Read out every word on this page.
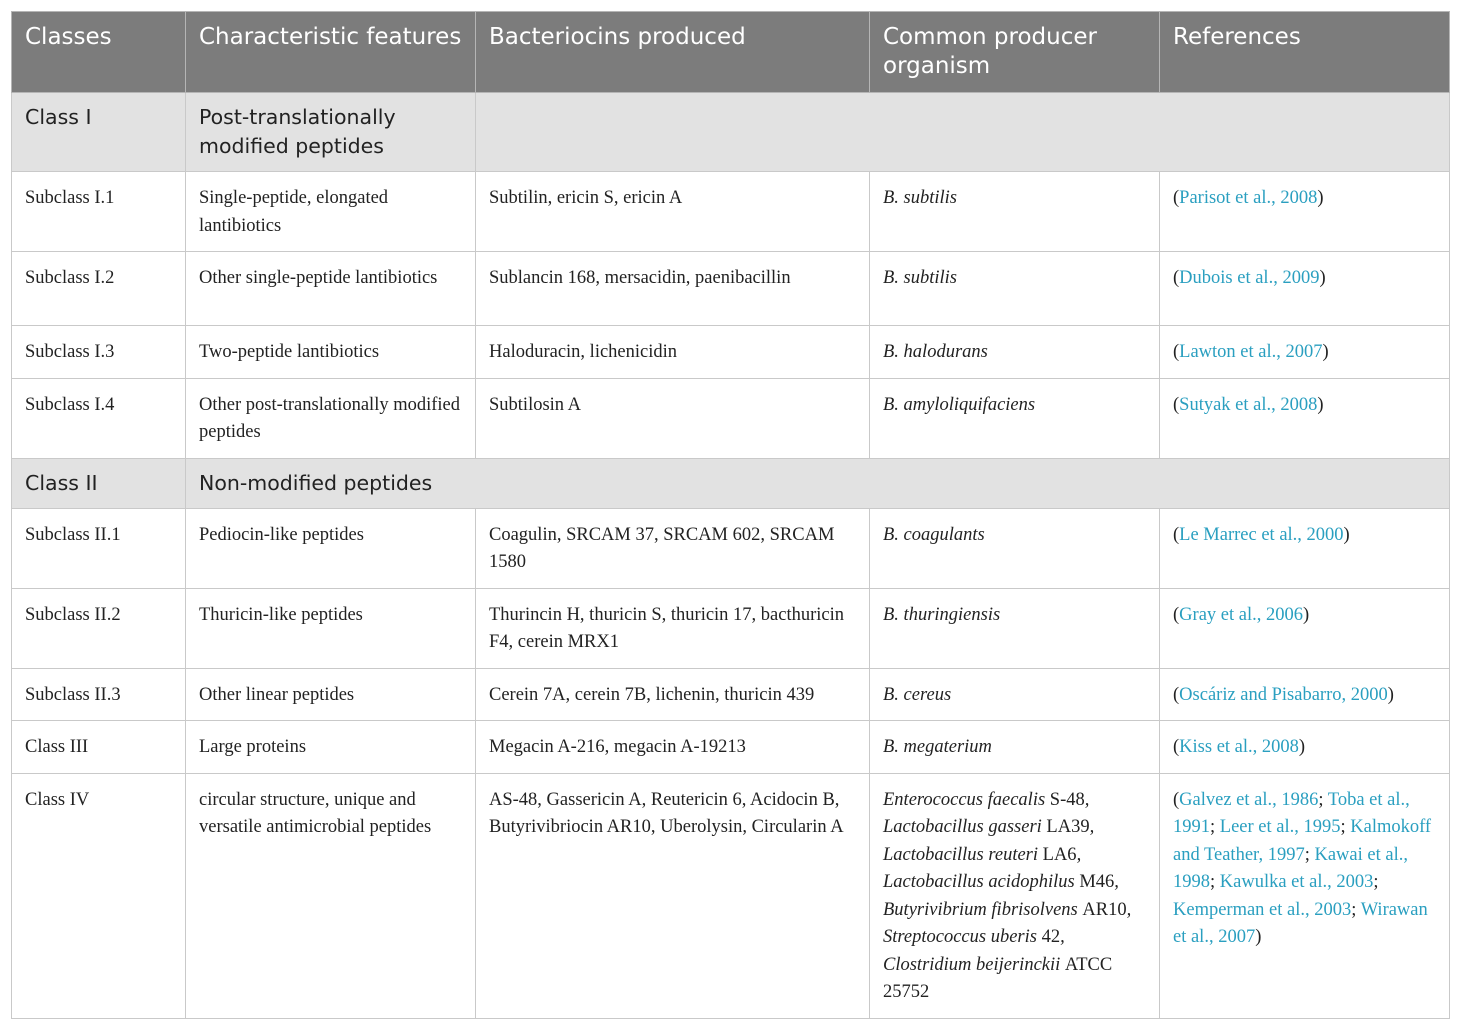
Classes	Characteristic features	Bacteriocins produced	Common producer organism	References
Class I	Post-translationally modified peptides			
Subclass I.1	Single-peptide, elongated lantibiotics	Subtilin, ericin S, ericin A	B. subtilis	(Parisot et al., 2008)
Subclass I.2	Other single-peptide lantibiotics	Sublancin 168, mersacidin, paenibacillin	B. subtilis	(Dubois et al., 2009)
Subclass I.3	Two-peptide lantibiotics	Haloduracin, lichenicidin	B. halodurans	(Lawton et al., 2007)
Subclass I.4	Other post-translationally modified peptides	Subtilosin A	B. amyloliquifaciens	(Sutyak et al., 2008)
Class II	Non-modified peptides			
Subclass II.1	Pediocin-like peptides	Coagulin, SRCAM 37, SRCAM 602, SRCAM 1580	B. coagulants	(Le Marrec et al., 2000)
Subclass II.2	Thuricin-like peptides	Thurincin H, thuricin S, thuricin 17, bacthuricin F4, cerein MRX1	B. thuringiensis	(Gray et al., 2006)
Subclass II.3	Other linear peptides	Cerein 7A, cerein 7B, lichenin, thuricin 439	B. cereus	(Oscáriz and Pisabarro, 2000)
Class III	Large proteins	Megacin A-216, megacin A-19213	B. megaterium	(Kiss et al., 2008)
Class IV	circular structure, unique and versatile antimicrobial peptides	AS-48, Gassericin A, Reutericin 6, Acidocin B, Butyrivibriocin AR10, Uberolysin, Circularin A	Enterococcus faecalis S-48, Lactobacillus gasseri LA39, Lactobacillus reuteri LA6, Lactobacillus acidophilus M46, Butyrivibrium fibrisolvens AR10, Streptococcus uberis 42, Clostridium beijerinckii ATCC 25752	(Galvez et al., 1986; Toba et al., 1991; Leer et al., 1995; Kalmokoff and Teather, 1997; Kawai et al., 1998; Kawulka et al., 2003; Kemperman et al., 2003; Wirawan et al., 2007)
